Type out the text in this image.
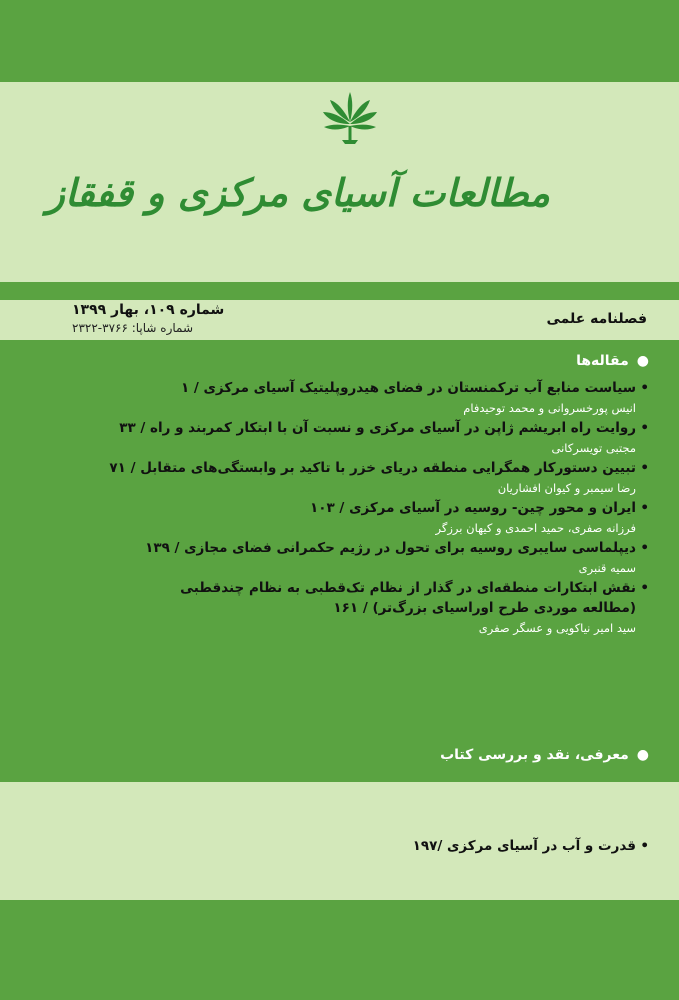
مطالعات آسیای مرکزی و قفقاز
فصلنامه علمی
شماره ۱۰۹، بهار ۱۳۹۹
شماره شاپا: ۳۷۶۶-۲۳۲۲
●مقاله‌ها
•سیاست منابع آب ترکمنستان در فضای هیدروپلیتیک آسیای مرکزی / ۱
انیس پورخسروانی و محمد توحیدفام
•روایت راه ابریشم ژاپن در آسیای مرکزی و نسبت آن با ابتکار کمربند و راه / ۳۳
مجتبی تویسرکانی
•تبیین دستورکار همگرایی منطقه دریای خزر با تاکید بر وابستگی‌های متقابل / ۷۱
رضا سیمبر و کیوان افشاریان
•ایران و محور چین- روسیه در آسیای مرکزی / ۱۰۳
فرزانه صفری، حمید احمدی و کیهان برزگر
•دیپلماسی سایبری روسیه برای تحول در رژیم حکمرانی فضای مجازی / ۱۳۹
سمیه قنبری
•نقش ابتکارات منطقه‌ای در گذار از نظام تک‌قطبی به نظام چندقطبی
(مطالعه موردی طرح اوراسیای بزرگ‌تر) / ۱۶۱
سید امیر نیاکویی و عسگر صفری
●معرفی، نقد و بررسی کتاب
•قدرت و آب در آسیای مرکزی /۱۹۷
